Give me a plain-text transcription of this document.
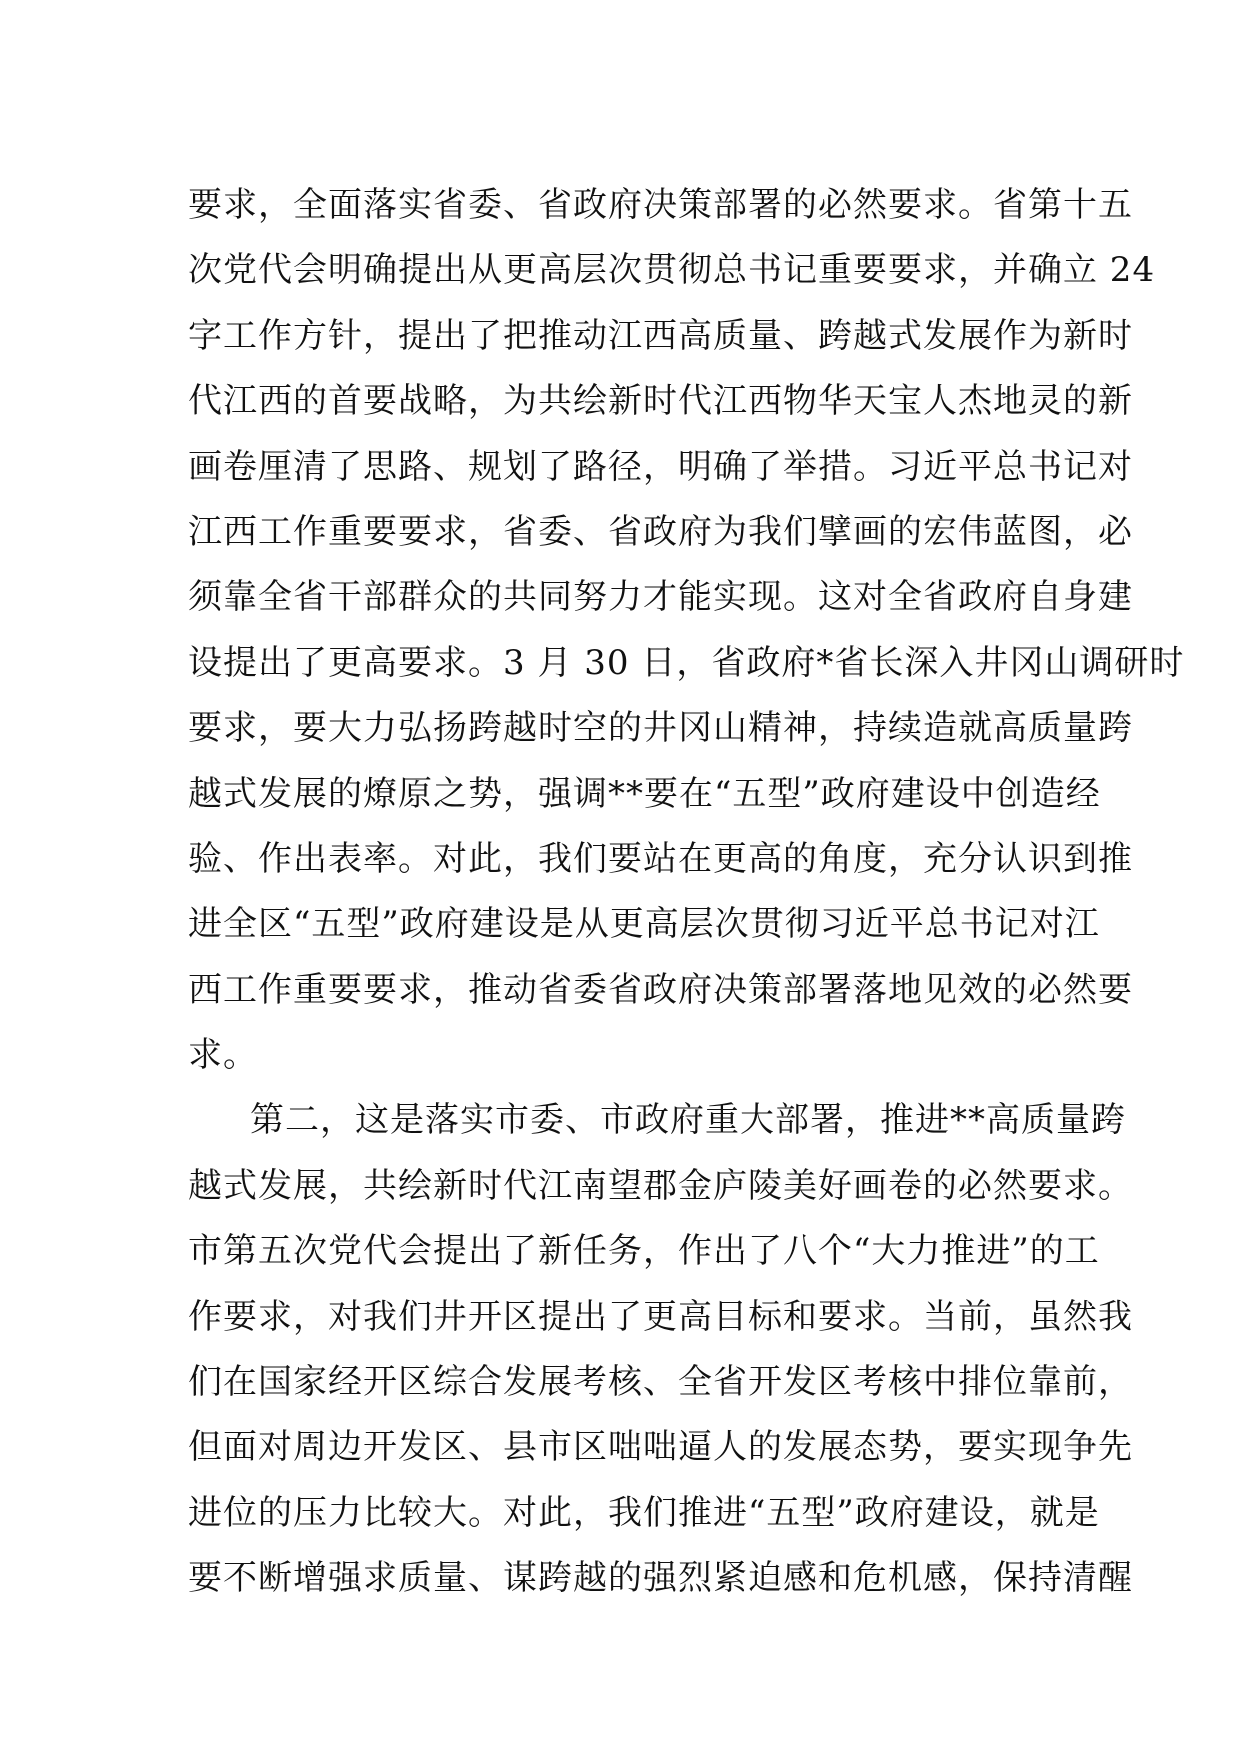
要求，全面落实省委、省政府决策部署的必然要求。省第十五
次党代会明确提出从更高层次贯彻总书记重要要求，并确立 24
字工作方针，提出了把推动江西高质量、跨越式发展作为新时
代江西的首要战略，为共绘新时代江西物华天宝人杰地灵的新
画卷厘清了思路、规划了路径，明确了举措。习近平总书记对
江西工作重要要求，省委、省政府为我们擘画的宏伟蓝图，必
须靠全省干部群众的共同努力才能实现。这对全省政府自身建
设提出了更高要求。3 月 30 日，省政府*省长深入井冈山调研时
要求，要大力弘扬跨越时空的井冈山精神，持续造就高质量跨
越式发展的燎原之势，强调**要在“五型”政府建设中创造经
验、作出表率。对此，我们要站在更高的角度，充分认识到推
进全区“五型”政府建设是从更高层次贯彻习近平总书记对江
西工作重要要求，推动省委省政府决策部署落地见效的必然要
求。
第二，这是落实市委、市政府重大部署，推进**高质量跨
越式发展，共绘新时代江南望郡金庐陵美好画卷的必然要求。
市第五次党代会提出了新任务，作出了八个“大力推进”的工
作要求，对我们井开区提出了更高目标和要求。当前，虽然我
们在国家经开区综合发展考核、全省开发区考核中排位靠前，
但面对周边开发区、县市区咄咄逼人的发展态势，要实现争先
进位的压力比较大。对此，我们推进“五型”政府建设，就是
要不断增强求质量、谋跨越的强烈紧迫感和危机感，保持清醒
